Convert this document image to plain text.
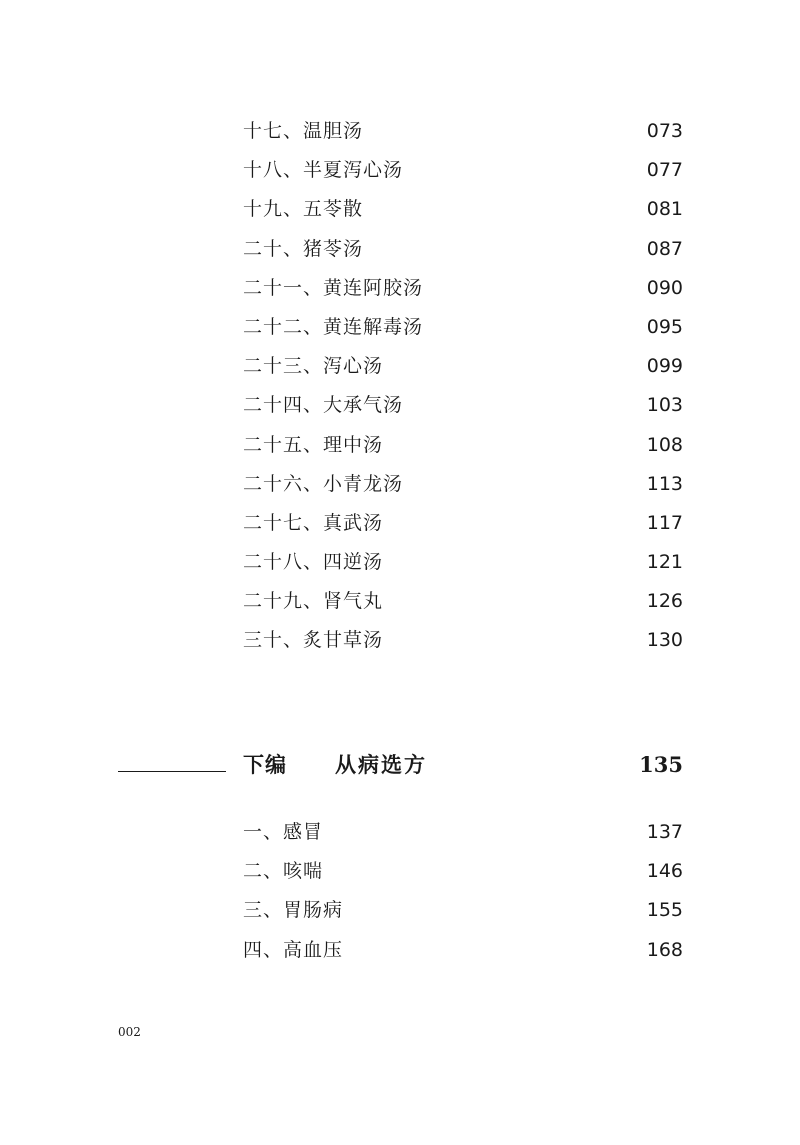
十七、温胆汤	073
十八、半夏泻心汤	077
十九、五苓散	081
二十、猪苓汤	087
二十一、黄连阿胶汤	090
二十二、黄连解毒汤	095
二十三、泻心汤	099
二十四、大承气汤	103
二十五、理中汤	108
二十六、小青龙汤	113
二十七、真武汤	117
二十八、四逆汤	121
二十九、肾气丸	126
三十、炙甘草汤	130
下编 从病选方	135
一、感冒	137
二、咳喘	146
三、胃肠病	155
四、高血压	168
002
